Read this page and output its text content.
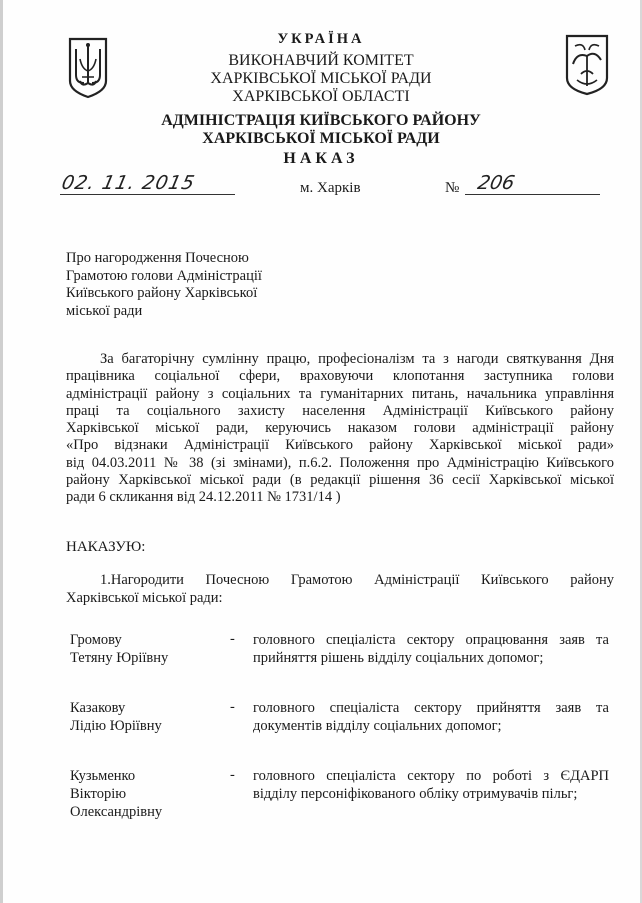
УКРАЇНА
ВИКОНАВЧИЙ КОМІТЕТ
ХАРКІВСЬКОЇ МІСЬКОЇ РАДИ
ХАРКІВСЬКОЇ ОБЛАСТІ
АДМІНІСТРАЦІЯ КИЇВСЬКОГО РАЙОНУ
ХАРКІВСЬКОЇ МІСЬКОЇ РАДИ
НАКАЗ
02. 11. 2015	м. Харків	№ 206
Про нагородження Почесною
Грамотою голови Адміністрації
Київського району Харківської
міської ради
За багаторічну сумлінну працю, професіоналізм та з нагоди святкування Дня
працівника соціальної сфери, враховуючи клопотання заступника голови
адміністрації району з соціальних та гуманітарних питань, начальника управління
праці та соціального захисту населення Адміністрації Київського району
Харківської міської ради, керуючись наказом голови адміністрації району
«Про відзнаки Адміністрації Київського району Харківської міської ради»
від 04.03.2011 № 38 (зі змінами), п.6.2. Положення про Адміністрацію Київського
району Харківської міської ради (в редакції рішення 36 сесії Харківської міської
ради 6 скликання від 24.12.2011 № 1731/14 )
НАКАЗУЮ:
1.Нагородити Почесною Грамотою Адміністрації Київського району
Харківської міської ради:
Громову
Тетяну Юріївну
- головного спеціаліста сектору опрацювання заяв та
прийняття рішень відділу соціальних допомог;
Казакову
Лідію Юріївну
- головного спеціаліста сектору прийняття заяв та
документів відділу соціальних допомог;
Кузьменко
Вікторію
Олександрівну
- головного спеціаліста сектору по роботі з ЄДАРП
відділу персоніфікованого обліку отримувачів пільг;
